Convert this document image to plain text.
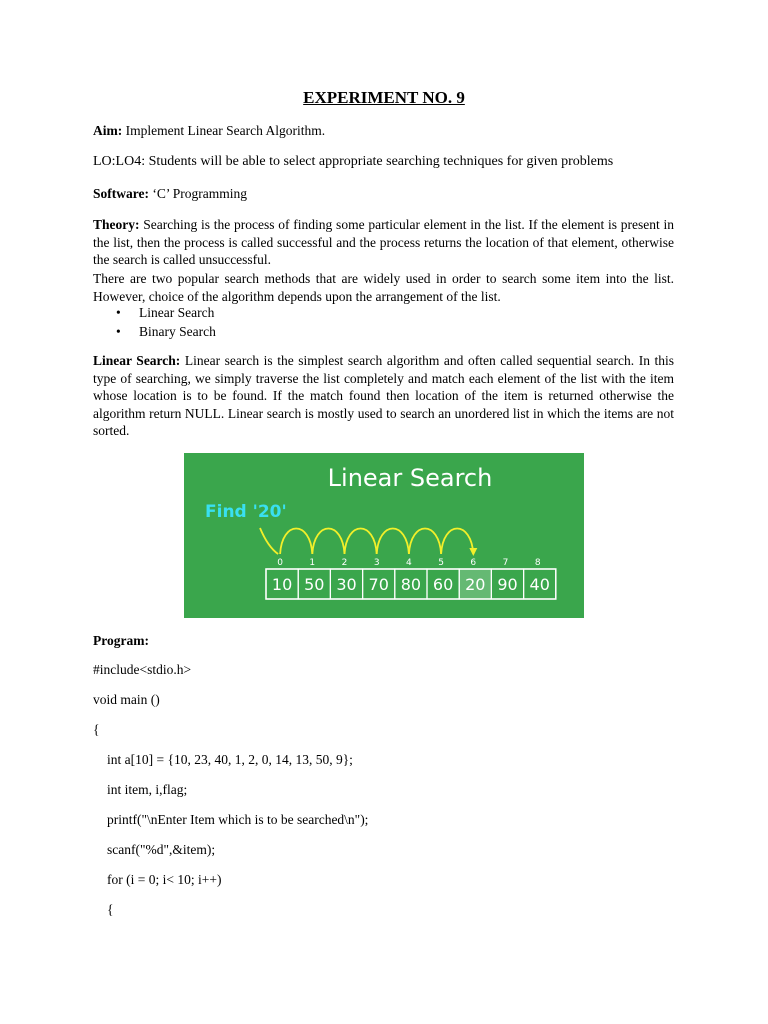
EXPERIMENT NO. 9
Aim: Implement Linear Search Algorithm.
LO:LO4: Students will be able to select appropriate searching techniques for given problems
Software: ‘C’ Programming
Theory: Searching is the process of finding some particular element in the list. If the element is present in the list, then the process is called successful and the process returns the location of that element, otherwise the search is called unsuccessful.
There are two popular search methods that are widely used in order to search some item into the list. However, choice of the algorithm depends upon the arrangement of the list.
• Linear Search
• Binary Search
Linear Search: Linear search is the simplest search algorithm and often called sequential search. In this type of searching, we simply traverse the list completely and match each element of the list with the item whose location is to be found. If the match found then location of the item is returned otherwise the algorithm return NULL. Linear search is mostly used to search an unordered list in which the items are not sorted.
Linear Search
Find '20'
10
0
50
1
30
2
70
3
80
4
60
5
20
6
90
7
40
8
Program:
#include<stdio.h>
void main ()
{
int a[10] = {10, 23, 40, 1, 2, 0, 14, 13, 50, 9};
int item, i,flag;
printf("\nEnter Item which is to be searched\n");
scanf("%d",&item);
for (i = 0; i< 10; i++)
{
